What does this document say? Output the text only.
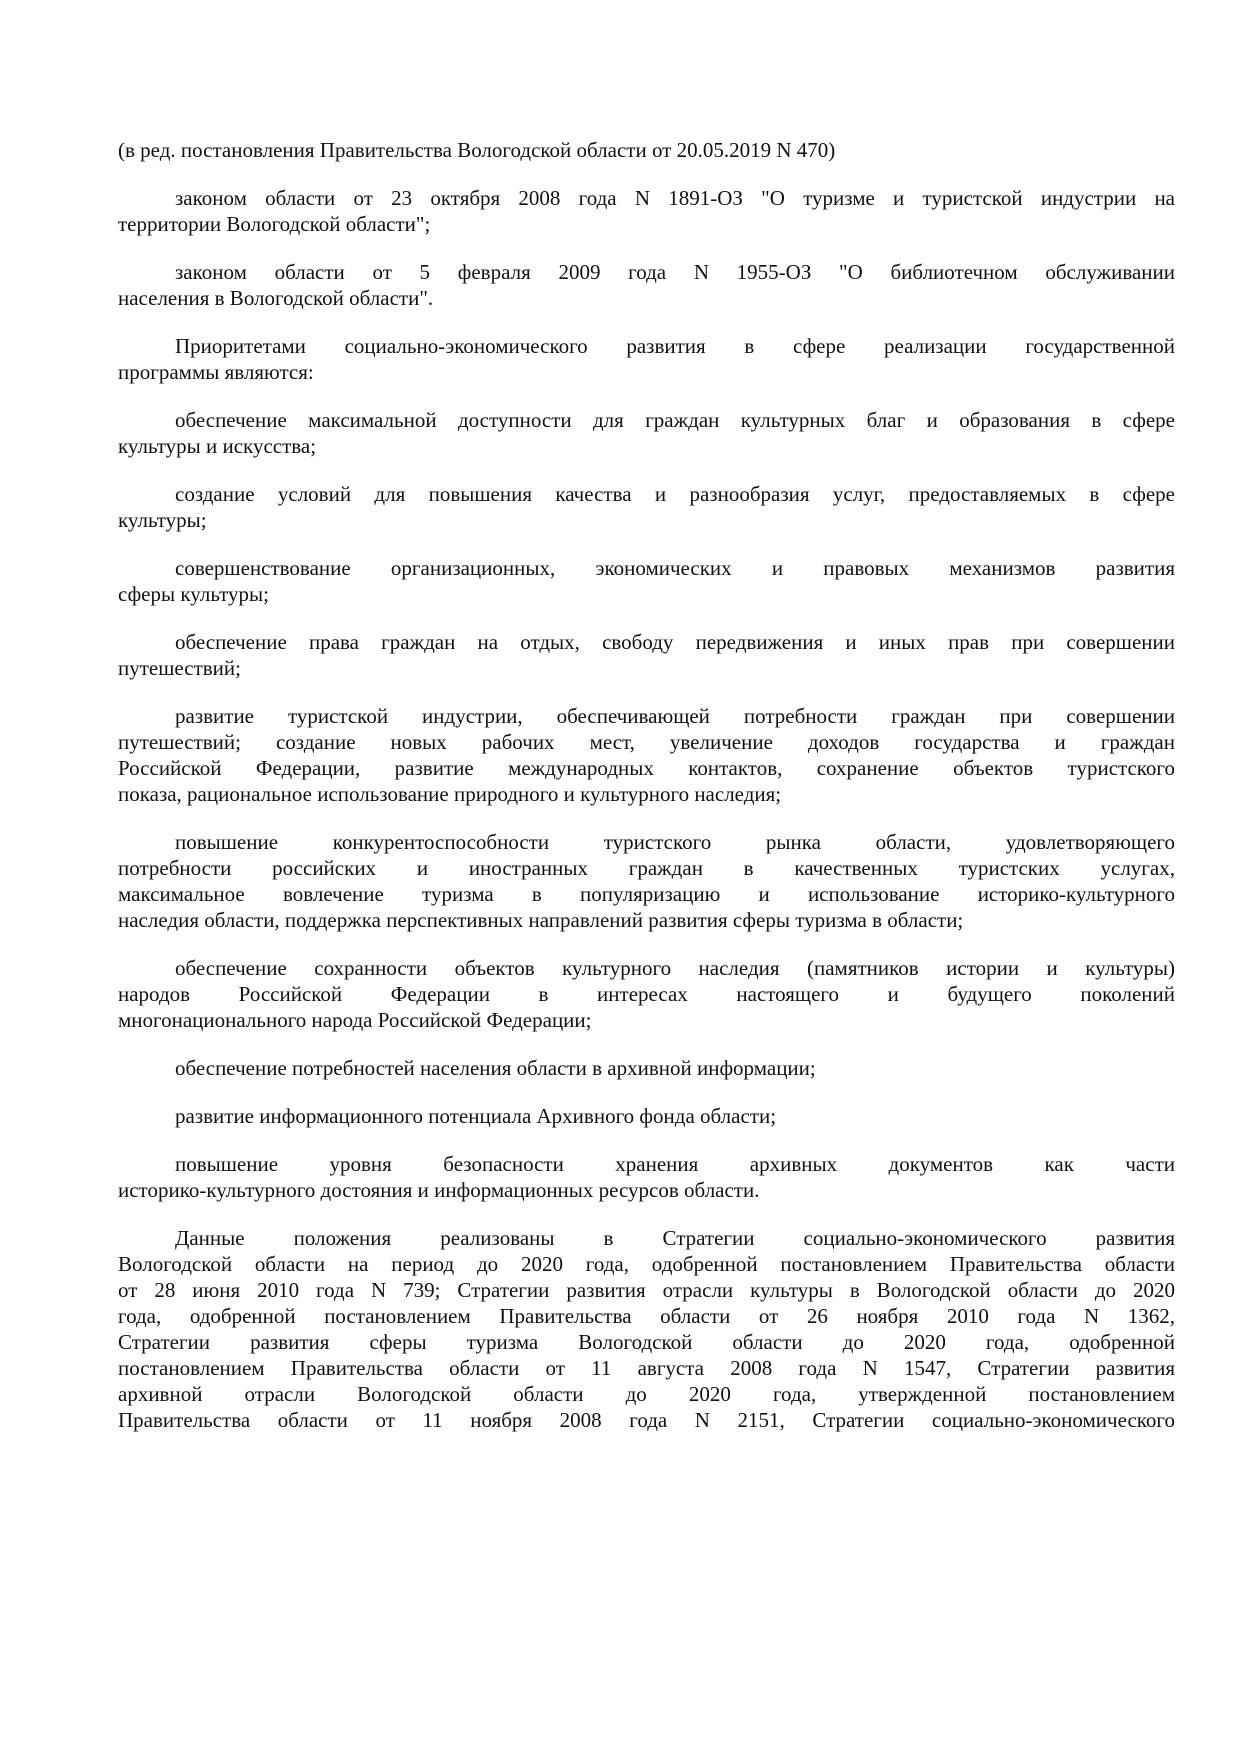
(в ред. постановления Правительства Вологодской области от 20.05.2019 N 470)
законом области от 23 октября 2008 года N 1891-ОЗ "О туризме и туристской индустрии на
территории Вологодской области";
законом области от 5 февраля 2009 года N 1955-ОЗ "О библиотечном обслуживании
населения в Вологодской области".
Приоритетами социально-экономического развития в сфере реализации государственной
программы являются:
обеспечение максимальной доступности для граждан культурных благ и образования в сфере
культуры и искусства;
создание условий для повышения качества и разнообразия услуг, предоставляемых в сфере
культуры;
совершенствование организационных, экономических и правовых механизмов развития
сферы культуры;
обеспечение права граждан на отдых, свободу передвижения и иных прав при совершении
путешествий;
развитие туристской индустрии, обеспечивающей потребности граждан при совершении
путешествий; создание новых рабочих мест, увеличение доходов государства и граждан
Российской Федерации, развитие международных контактов, сохранение объектов туристского
показа, рациональное использование природного и культурного наследия;
повышение конкурентоспособности туристского рынка области, удовлетворяющего
потребности российских и иностранных граждан в качественных туристских услугах,
максимальное вовлечение туризма в популяризацию и использование историко-культурного
наследия области, поддержка перспективных направлений развития сферы туризма в области;
обеспечение сохранности объектов культурного наследия (памятников истории и культуры)
народов Российской Федерации в интересах настоящего и будущего поколений
многонационального народа Российской Федерации;
обеспечение потребностей населения области в архивной информации;
развитие информационного потенциала Архивного фонда области;
повышение уровня безопасности хранения архивных документов как части
историко-культурного достояния и информационных ресурсов области.
Данные положения реализованы в Стратегии социально-экономического развития
Вологодской области на период до 2020 года, одобренной постановлением Правительства области
от 28 июня 2010 года N 739; Стратегии развития отрасли культуры в Вологодской области до 2020
года, одобренной постановлением Правительства области от 26 ноября 2010 года N 1362,
Стратегии развития сферы туризма Вологодской области до 2020 года, одобренной
постановлением Правительства области от 11 августа 2008 года N 1547, Стратегии развития
архивной отрасли Вологодской области до 2020 года, утвержденной постановлением
Правительства области от 11 ноября 2008 года N 2151, Стратегии социально-экономического
